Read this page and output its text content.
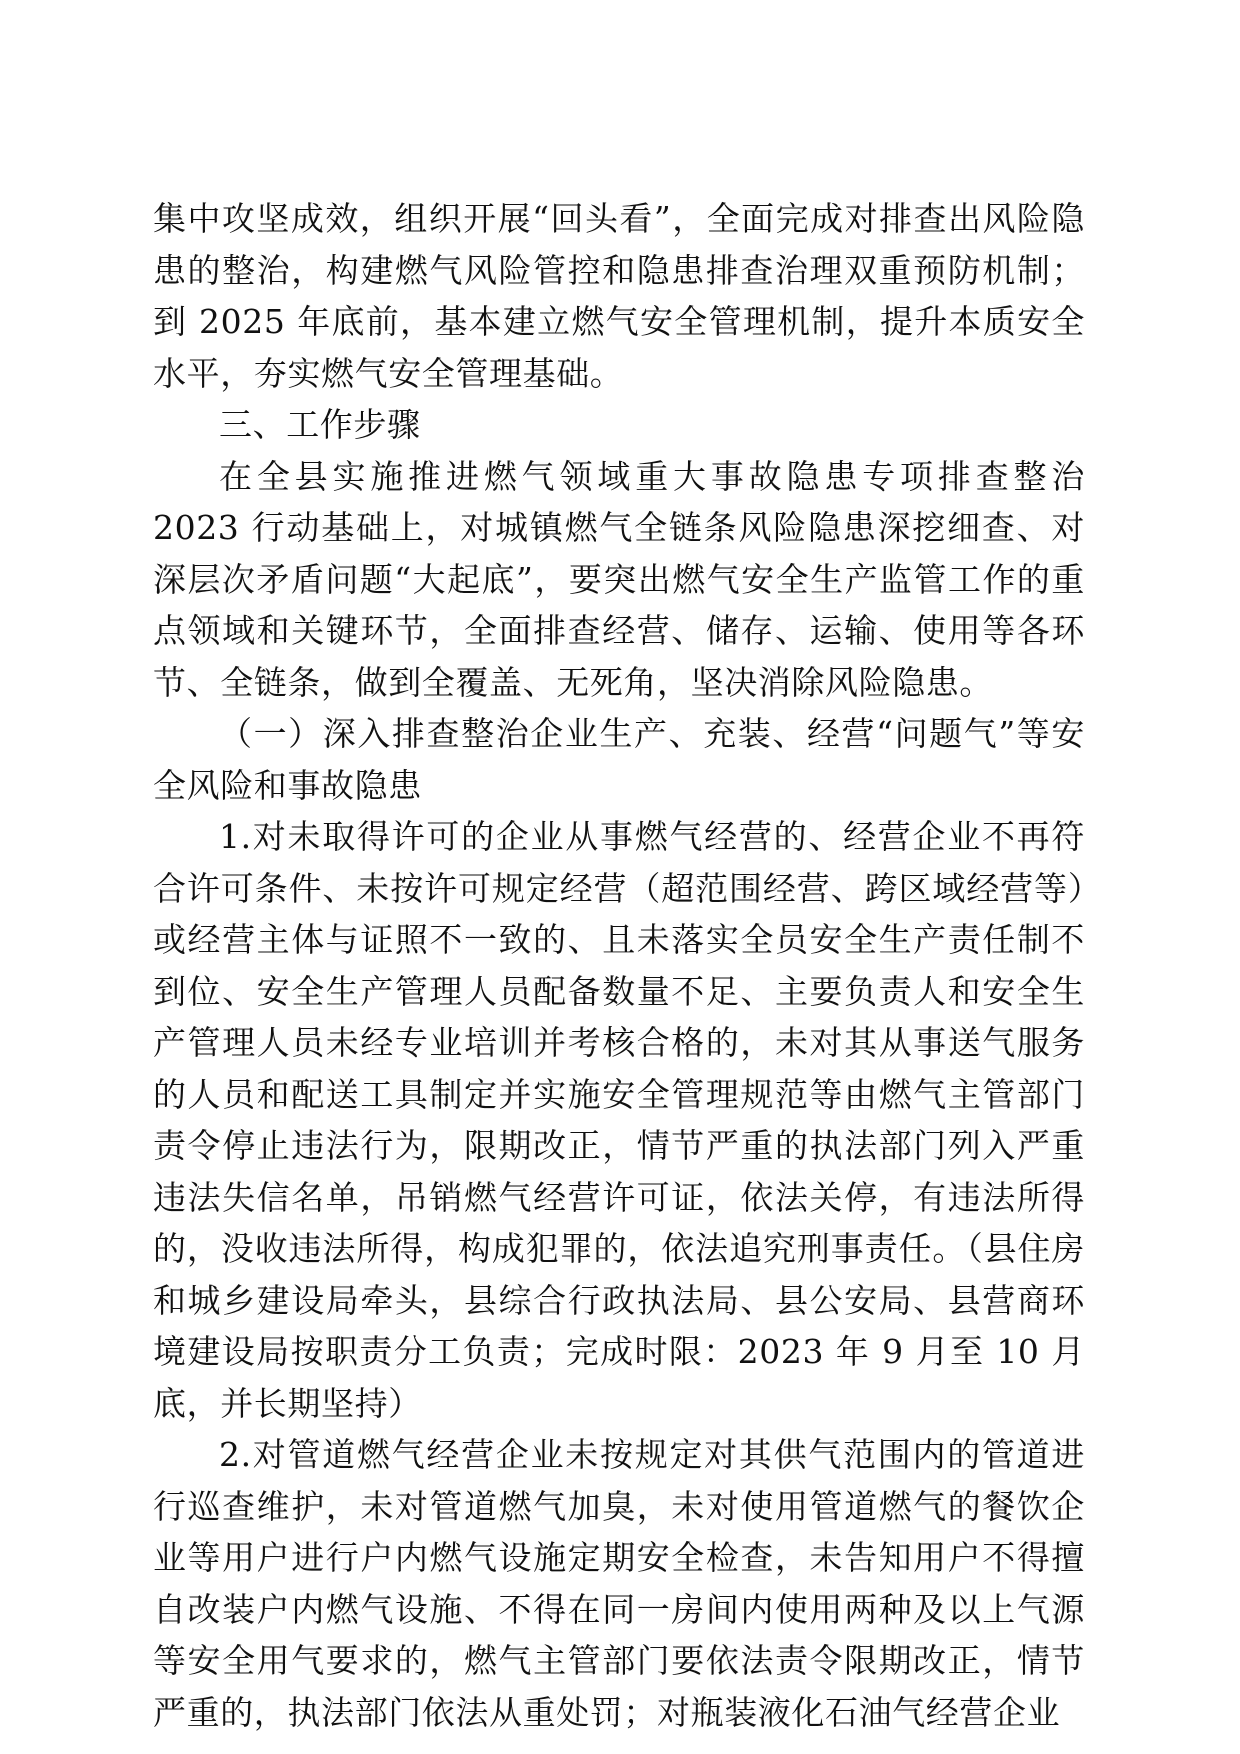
集中攻坚成效，组织开展“回头看”，全面完成对排查出风险隐患的整治，构建燃气风险管控和隐患排查治理双重预防机制；到 2025 年底前，基本建立燃气安全管理机制，提升本质安全水平，夯实燃气安全管理基础。

三、工作步骤

在全县实施推进燃气领域重大事故隐患专项排查整治 2023 行动基础上，对城镇燃气全链条风险隐患深挖细查、对深层次矛盾问题“大起底”，要突出燃气安全生产监管工作的重点领域和关键环节，全面排查经营、储存、运输、使用等各环节、全链条，做到全覆盖、无死角，坚决消除风险隐患。

（一）深入排查整治企业生产、充装、经营“问题气”等安全风险和事故隐患

1.对未取得许可的企业从事燃气经营的、经营企业不再符合许可条件、未按许可规定经营（超范围经营、跨区域经营等）或经营主体与证照不一致的、且未落实全员安全生产责任制不到位、安全生产管理人员配备数量不足、主要负责人和安全生产管理人员未经专业培训并考核合格的，未对其从事送气服务的人员和配送工具制定并实施安全管理规范等由燃气主管部门责令停止违法行为，限期改正，情节严重的执法部门列入严重违法失信名单，吊销燃气经营许可证，依法关停，有违法所得的，没收违法所得，构成犯罪的，依法追究刑事责任。（县住房和城乡建设局牵头，县综合行政执法局、县公安局、县营商环境建设局按职责分工负责；完成时限：2023 年 9 月至 10 月底，并长期坚持）

2.对管道燃气经营企业未按规定对其供气范围内的管道进行巡查维护，未对管道燃气加臭，未对使用管道燃气的餐饮企业等用户进行户内燃气设施定期安全检查，未告知用户不得擅自改装户内燃气设施、不得在同一房间内使用两种及以上气源等安全用气要求的，燃气主管部门要依法责令限期改正，情节严重的，执法部门依法从重处罚；对瓶装液化石油气经营企业
